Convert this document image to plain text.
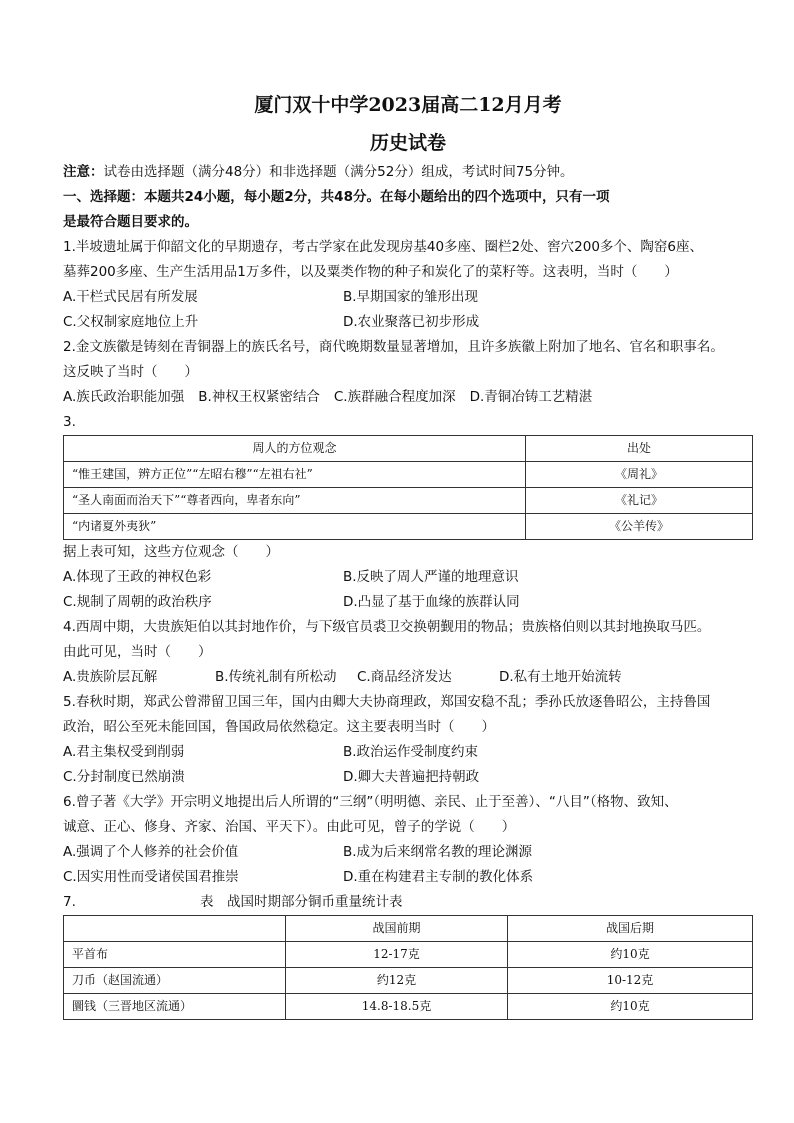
厦门双十中学2023届高二12月月考
历史试卷
注意：试卷由选择题（满分48分）和非选择题（满分52分）组成，考试时间75分钟。
一、选择题：本题共24小题，每小题2分，共48分。在每小题给出的四个选项中，只有一项
是最符合题目要求的。
1.半坡遗址属于仰韶文化的早期遗存，考古学家在此发现房基40多座、圈栏2处、窖穴200多个、陶窑6座、
墓葬200多座、生产生活用品1万多件，以及粟类作物的种子和炭化了的菜籽等。这表明，当时（　　）
A.干栏式民居有所发展	B.早期国家的雏形出现
C.父权制家庭地位上升	D.农业聚落已初步形成
2.金文族徽是铸刻在青铜器上的族氏名号，商代晚期数量显著增加，且许多族徽上附加了地名、官名和职事名。
这反映了当时（　　）
A.族氏政治职能加强 B.神权王权紧密结合 C.族群融合程度加深 D.青铜冶铸工艺精湛
3.
周人的方位观念	出处
“惟王建国，辨方正位”“左昭右穆”“左祖右社”	《周礼》
“圣人南面而治天下”“尊者西向，卑者东向”	《礼记》
“内诸夏外夷狄”	《公羊传》
据上表可知，这些方位观念（　　）
A.体现了王政的神权色彩	B.反映了周人严谨的地理意识
C.规制了周朝的政治秩序	D.凸显了基于血缘的族群认同
4.西周中期，大贵族矩伯以其封地作价，与下级官员裘卫交换朝觐用的物品；贵族格伯则以其封地换取马匹。
由此可见，当时（　　）
A.贵族阶层瓦解	B.传统礼制有所松动	C.商品经济发达	D.私有土地开始流转
5.春秋时期，郑武公曾滞留卫国三年，国内由卿大夫协商理政，郑国安稳不乱；季孙氏放逐鲁昭公，主持鲁国
政治，昭公至死未能回国，鲁国政局依然稳定。这主要表明当时（　　）
A.君主集权受到削弱	B.政治运作受制度约束
C.分封制度已然崩溃	D.卿大夫普遍把持朝政
6.曾子著《大学》开宗明义地提出后人所谓的“三纲”（明明德、亲民、止于至善）、“八目”（格物、致知、
诚意、正心、修身、齐家、治国、平天下）。由此可见，曾子的学说（　　）
A.强调了个人修养的社会价值	B.成为后来纲常名教的理论渊源
C.因实用性而受诸侯国君推崇	D.重在构建君主专制的教化体系
7.	表　战国时期部分铜币重量统计表
	战国前期	战国后期
平首布	12-17克	约10克
刀币（赵国流通）	约12克	10-12克
圜钱（三晋地区流通）	14.8-18.5克	约10克
